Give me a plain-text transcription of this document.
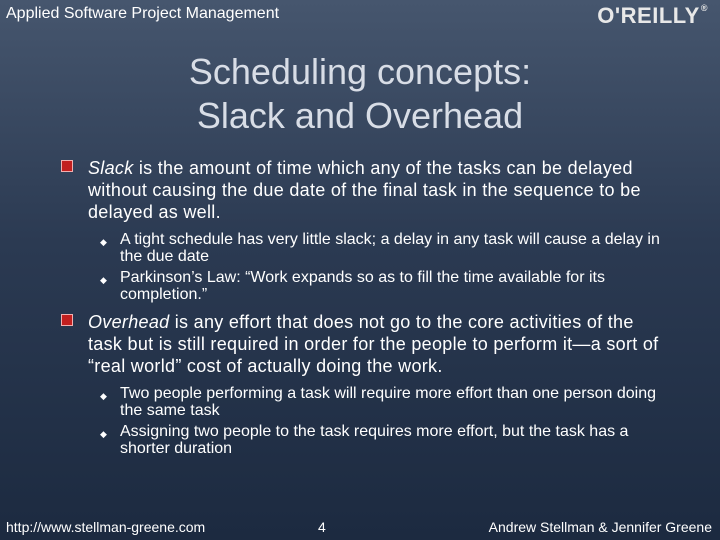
Applied Software Project Management	O'REILLY®
Scheduling concepts:
Slack and Overhead
Slack is the amount of time which any of the tasks can be delayed without causing the due date of the final task in the sequence to be delayed as well.
◆ A tight schedule has very little slack; a delay in any task will cause a delay in the due date
◆ Parkinson’s Law: “Work expands so as to fill the time available for its completion.”
Overhead is any effort that does not go to the core activities of the task but is still required in order for the people to perform it—a sort of “real world” cost of actually doing the work.
◆ Two people performing a task will require more effort than one person doing the same task
◆ Assigning two people to the task requires more effort, but the task has a shorter duration
http://www.stellman-greene.com	4	Andrew Stellman & Jennifer Greene
